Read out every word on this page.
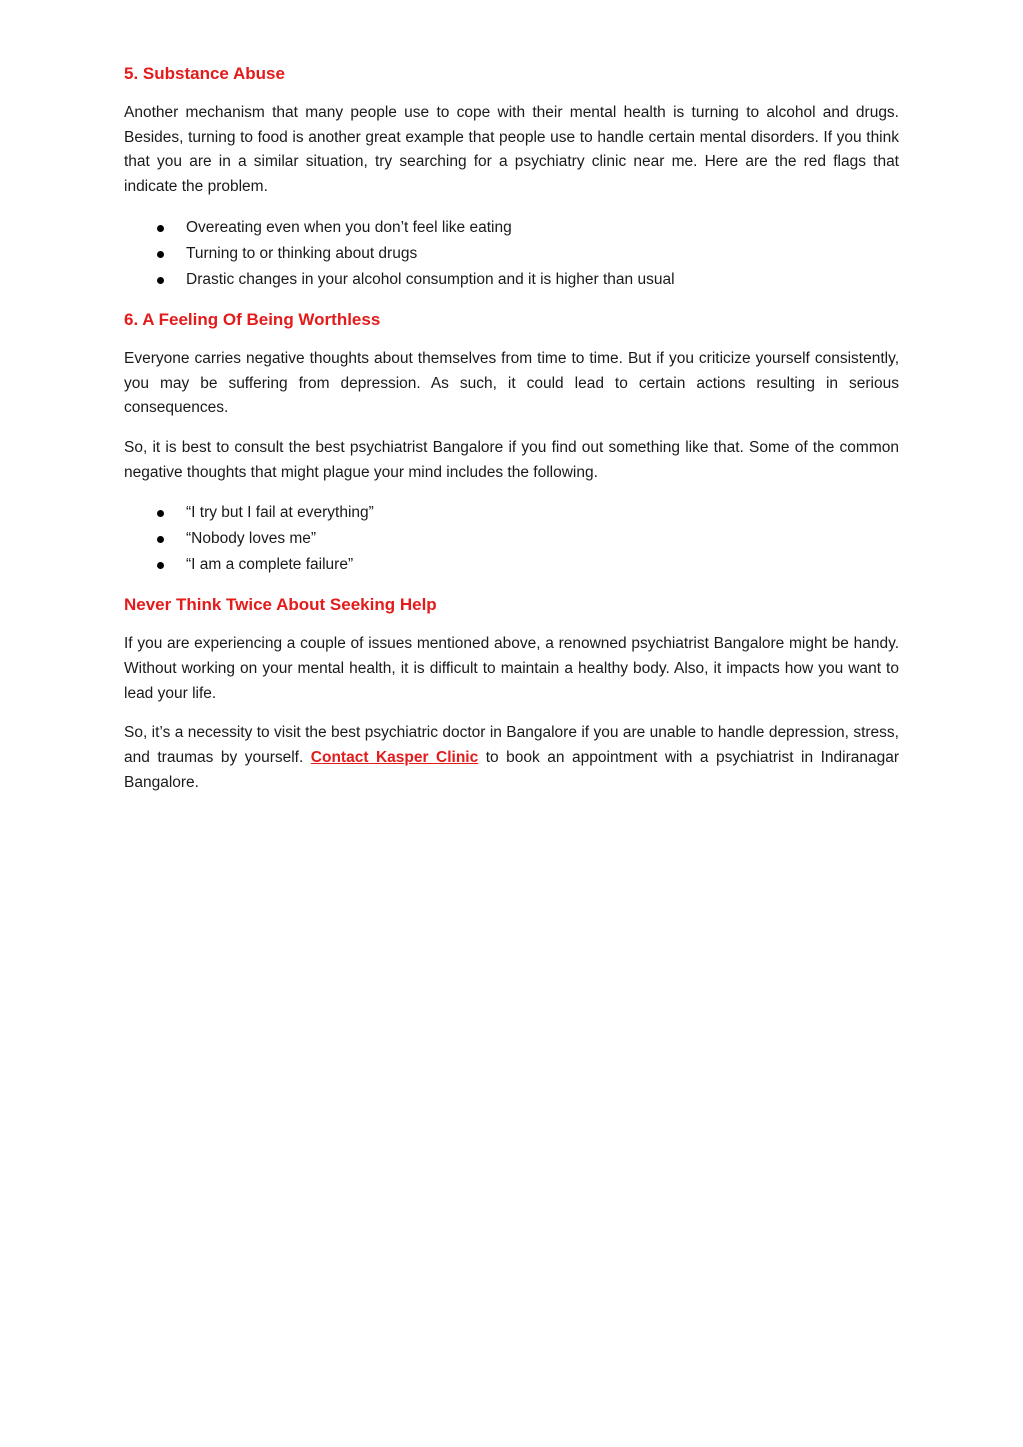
5. Substance Abuse

Another mechanism that many people use to cope with their mental health is turning to alcohol and drugs. Besides, turning to food is another great example that people use to handle certain mental disorders. If you think that you are in a similar situation, try searching for a psychiatry clinic near me. Here are the red flags that indicate the problem.

Overeating even when you don’t feel like eating
Turning to or thinking about drugs
Drastic changes in your alcohol consumption and it is higher than usual
6. A Feeling Of Being Worthless

Everyone carries negative thoughts about themselves from time to time. But if you criticize yourself consistently, you may be suffering from depression. As such, it could lead to certain actions resulting in serious consequences.

So, it is best to consult the best psychiatrist Bangalore if you find out something like that. Some of the common negative thoughts that might plague your mind includes the following.

“I try but I fail at everything”
“Nobody loves me”
“I am a complete failure”
Never Think Twice About Seeking Help

If you are experiencing a couple of issues mentioned above, a renowned psychiatrist Bangalore might be handy. Without working on your mental health, it is difficult to maintain a healthy body. Also, it impacts how you want to lead your life.

So, it’s a necessity to visit the best psychiatric doctor in Bangalore if you are unable to handle depression, stress, and traumas by yourself. Contact Kasper Clinic to book an appointment with a psychiatrist in Indiranagar Bangalore.
